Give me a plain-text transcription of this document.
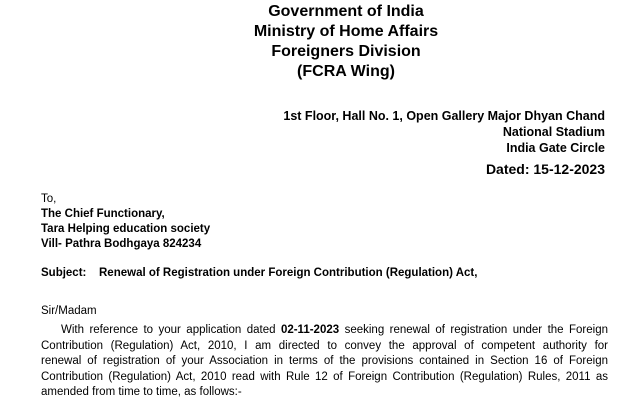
Government of India
Ministry of Home Affairs
Foreigners Division
(FCRA Wing)
1st Floor, Hall No. 1, Open Gallery Major Dhyan Chand
National Stadium
India Gate Circle
Dated: 15-12-2023
To,
The Chief Functionary,
Tara Helping education society
Vill- Pathra Bodhgaya 824234
Subject: Renewal of Registration under Foreign Contribution (Regulation) Act,
Sir/Madam
With reference to your application dated 02-11-2023 seeking renewal of registration under the Foreign
Contribution (Regulation) Act, 2010, I am directed to convey the approval of competent authority for
renewal of registration of your Association in terms of the provisions contained in Section 16 of Foreign
Contribution (Regulation) Act, 2010 read with Rule 12 of Foreign Contribution (Regulation) Rules, 2011 as
amended from time to time, as follows:-
